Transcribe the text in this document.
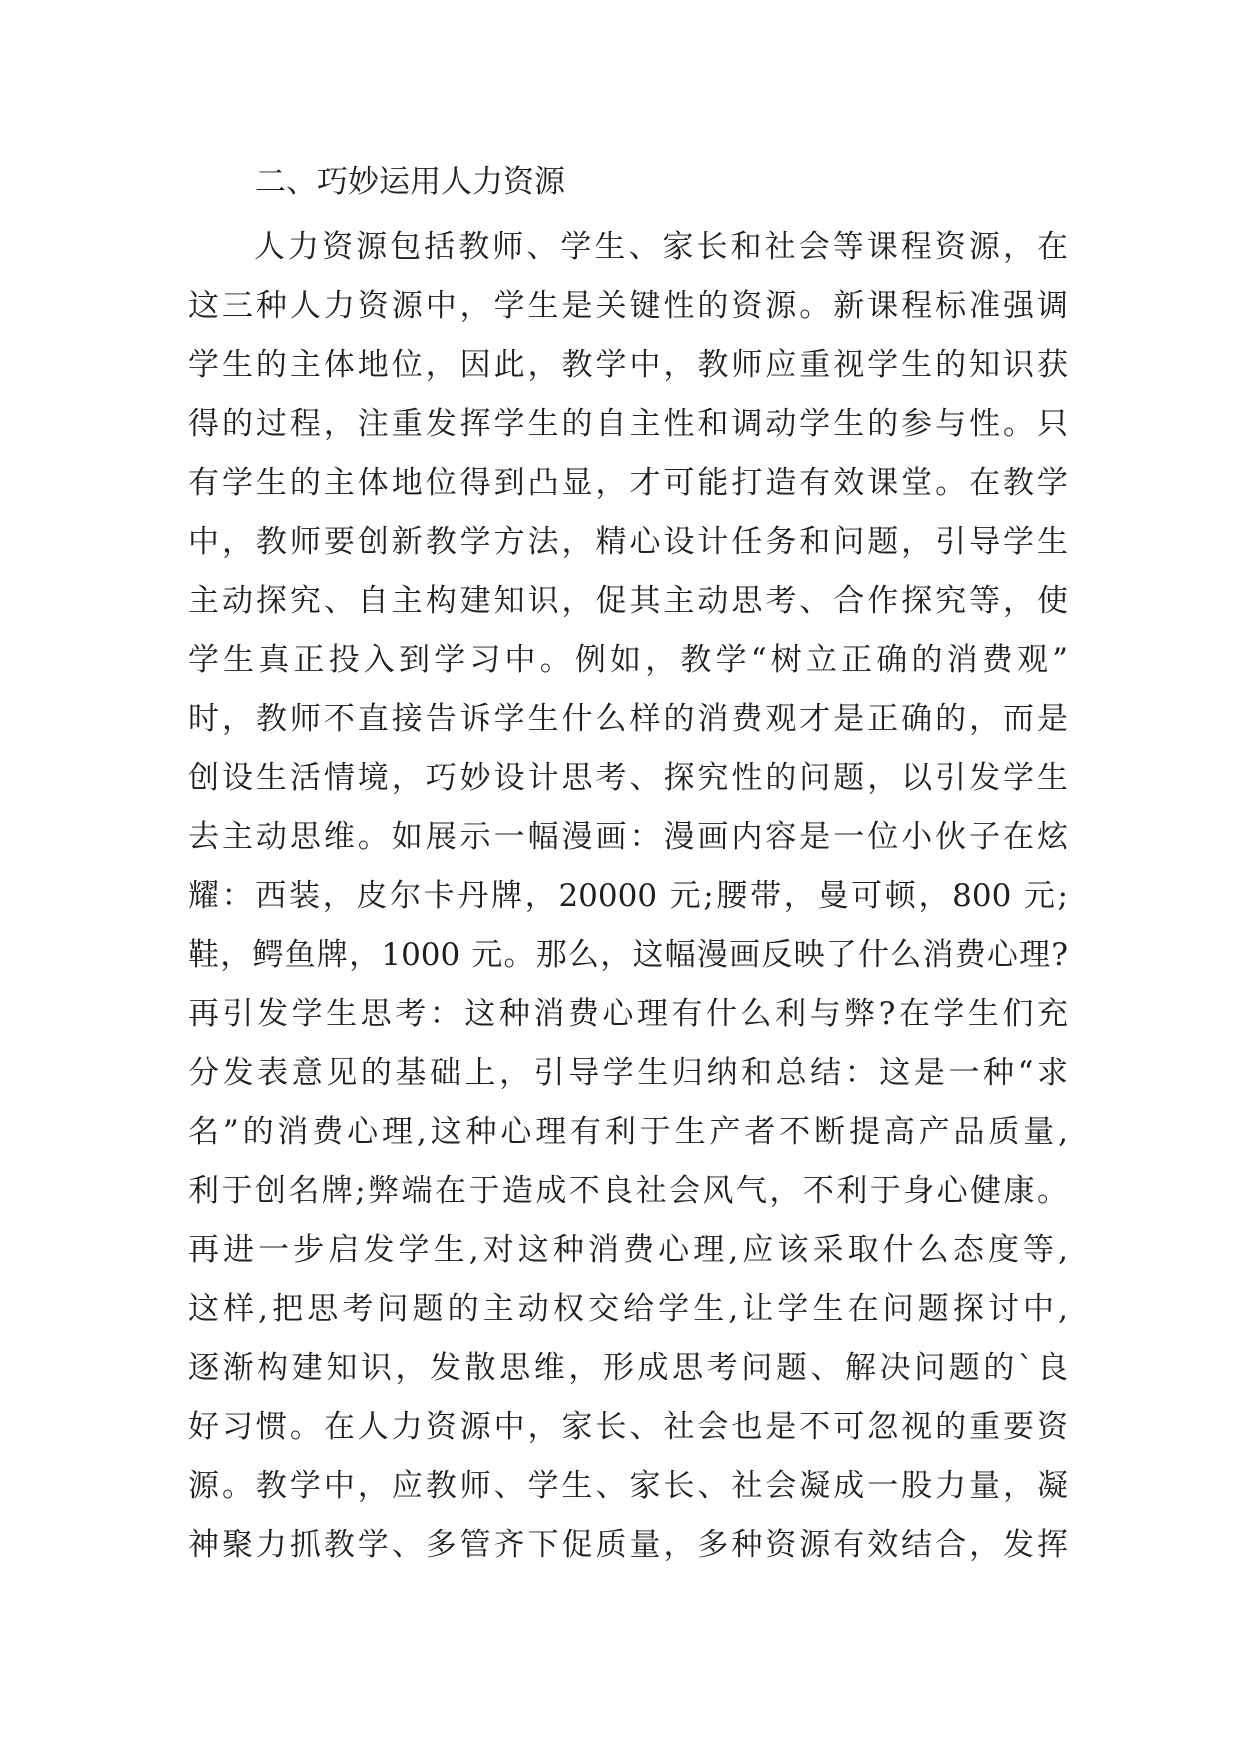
二、巧妙运用人力资源
人力资源包括教师、学生、家长和社会等课程资源，在
这三种人力资源中，学生是关键性的资源。新课程标准强调
学生的主体地位，因此，教学中，教师应重视学生的知识获
得的过程，注重发挥学生的自主性和调动学生的参与性。只
有学生的主体地位得到凸显，才可能打造有效课堂。在教学
中，教师要创新教学方法，精心设计任务和问题，引导学生
主动探究、自主构建知识，促其主动思考、合作探究等，使
学生真正投入到学习中。例如，教学“树立正确的消费观”
时，教师不直接告诉学生什么样的消费观才是正确的，而是
创设生活情境，巧妙设计思考、探究性的问题，以引发学生
去主动思维。如展示一幅漫画：漫画内容是一位小伙子在炫
耀：西装，皮尔卡丹牌，20000 元;腰带，曼可顿，800 元;
鞋，鳄鱼牌，1000 元。那么，这幅漫画反映了什么消费心理?
再引发学生思考：这种消费心理有什么利与弊?在学生们充
分发表意见的基础上，引导学生归纳和总结：这是一种“求
名”的消费心理,这种心理有利于生产者不断提高产品质量,
利于创名牌;弊端在于造成不良社会风气，不利于身心健康。
再进一步启发学生,对这种消费心理,应该采取什么态度等,
这样,把思考问题的主动权交给学生,让学生在问题探讨中,
逐渐构建知识，发散思维，形成思考问题、解决问题的`良
好习惯。在人力资源中，家长、社会也是不可忽视的重要资
源。教学中，应教师、学生、家长、社会凝成一股力量，凝
神聚力抓教学、多管齐下促质量，多种资源有效结合，发挥
